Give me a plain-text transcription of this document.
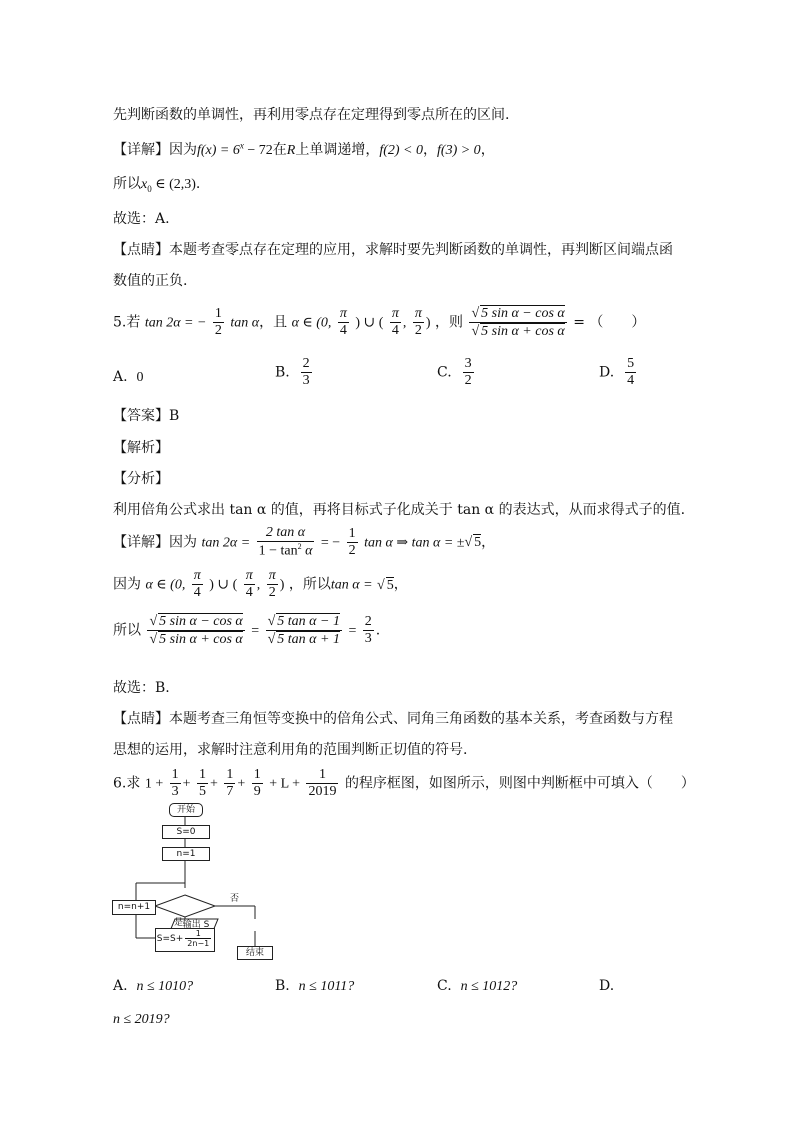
先判断函数的单调性，再利用零点存在定理得到零点所在的区间.
【详解】因为$f(x) = 6^x - 72$在R上单调递增，f(2) < 0，f(3) > 0，
所以$x_0$ ∈ (2,3).
故选：A.
【点睛】本题考查零点存在定理的应用，求解时要先判断函数的单调性，再判断区间端点函
数值的正负.
5.若 tan 2α = − $\frac{1}{2}$ tan α，且 α ∈ (0, $\frac{\pi}{4}$ ) ∪ ( $\frac{\pi}{4}$ , $\frac{\pi}{2}$ ) ，则 $\frac{\text{√ 5 sin α − cos α}}{\text{√ 5 sin α + cos α}}$ = （　　）
A. 0	B. $\frac{2}{3}$	C. $\frac{3}{2}$	D. $\frac{5}{4}$
【答案】B
【解析】
【分析】
利用倍角公式求出 tan α 的值，再将目标式子化成关于 tan α 的表达式，从而求得式子的值.
【详解】因为 $\tan 2\alpha = \frac{\text{2 tan α}}{1 - \tan^2 \alpha}$ = − $\frac{1}{2}$ tan α ⇒ tan α = ±√ 5，
因为 α ∈ (0, $\frac{\pi}{4}$ ) ∪ ( $\frac{\pi}{4}$ , $\frac{\pi}{2}$ ) ，所以tan α = √ 5，
所以 $\frac{\text{√ 5 sin α − cos α}}{\text{√ 5 sin α + cos α}} = \frac{\text{√ 5 tan α − 1}}{\text{√ 5 tan α + 1}} = \frac{2}{3}$ .
故选：B.
【点睛】本题考查三角恒等变换中的倍角公式、同角三角函数的基本关系，考查函数与方程
思想的运用，求解时注意利用角的范围判断正切值的符号.
6.求 $1 + \frac{1}{3} + \frac{1}{5} + \frac{1}{7} + \frac{1}{9} + L + \frac{1}{2019}$ 的程序框图，如图所示，则图中判断框中可填入（　　）
开始
S=0
n=1
n=n+1
否
是
$S=S+ \frac{1}{2n-1}$
输出 S
结束
A. n ≤ 1010?	B. n ≤ 1011?	C. n ≤ 1012?	D.
n ≤ 2019?
